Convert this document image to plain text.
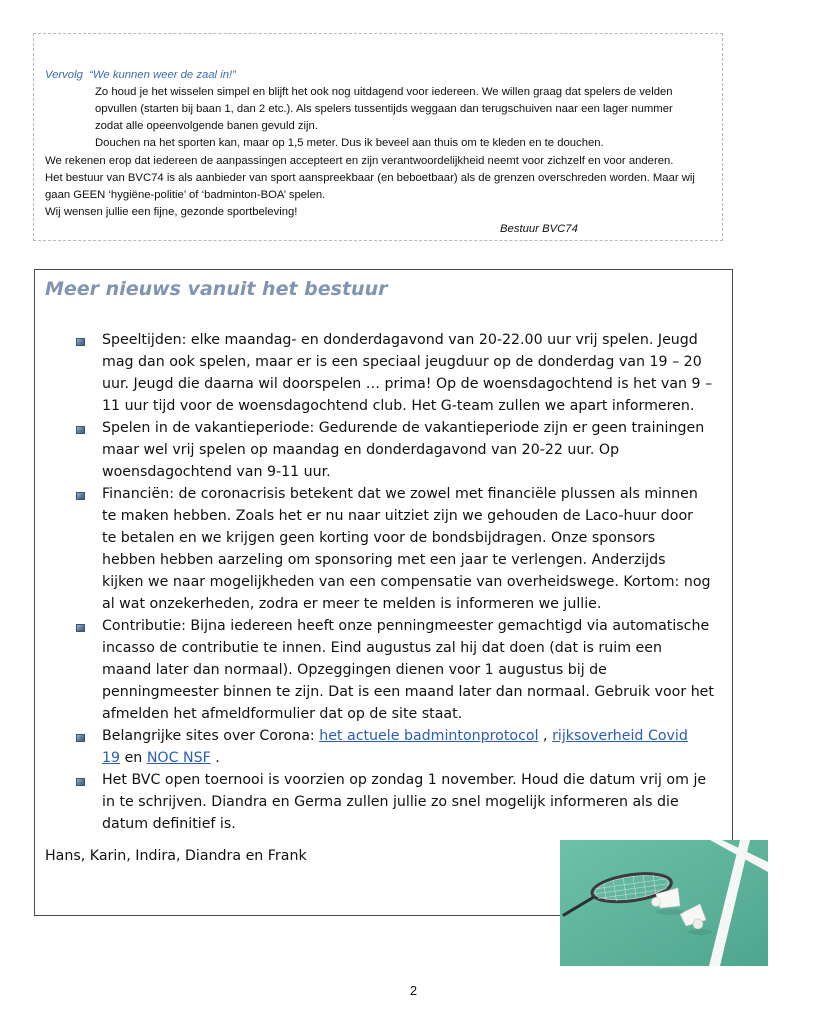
Vervolg “We kunnen weer de zaal in!”
Zo houd je het wisselen simpel en blijft het ook nog uitdagend voor iedereen. We willen graag dat spelers de velden
opvullen (starten bij baan 1, dan 2 etc.). Als spelers tussentijds weggaan dan terugschuiven naar een lager nummer
zodat alle opeenvolgende banen gevuld zijn.
Douchen na het sporten kan, maar op 1,5 meter. Dus ik beveel aan thuis om te kleden en te douchen.
We rekenen erop dat iedereen de aanpassingen accepteert en zijn verantwoordelijkheid neemt voor zichzelf en voor anderen.
Het bestuur van BVC74 is als aanbieder van sport aanspreekbaar (en beboetbaar) als de grenzen overschreden worden. Maar wij
gaan GEEN ‘hygiëne-politie’ of ‘badminton-BOA’ spelen.
Wij wensen jullie een fijne, gezonde sportbeleving!
Bestuur BVC74
Meer nieuws vanuit het bestuur
Speeltijden: elke maandag- en donderdagavond van 20-22.00 uur vrij spelen. Jeugd
mag dan ook spelen, maar er is een speciaal jeugduur op de donderdag van 19 – 20
uur. Jeugd die daarna wil doorspelen … prima! Op de woensdagochtend is het van 9 –
11 uur tijd voor de woensdagochtend club. Het G-team zullen we apart informeren.
Spelen in de vakantieperiode: Gedurende de vakantieperiode zijn er geen trainingen
maar wel vrij spelen op maandag en donderdagavond van 20-22 uur. Op
woensdagochtend van 9-11 uur.
Financiën: de coronacrisis betekent dat we zowel met financiële plussen als minnen
te maken hebben. Zoals het er nu naar uitziet zijn we gehouden de Laco-huur door
te betalen en we krijgen geen korting voor de bondsbijdragen. Onze sponsors
hebben hebben aarzeling om sponsoring met een jaar te verlengen. Anderzijds
kijken we naar mogelijkheden van een compensatie van overheidswege. Kortom: nog
al wat onzekerheden, zodra er meer te melden is informeren we jullie.
Contributie: Bijna iedereen heeft onze penningmeester gemachtigd via automatische
incasso de contributie te innen. Eind augustus zal hij dat doen (dat is ruim een
maand later dan normaal). Opzeggingen dienen voor 1 augustus bij de
penningmeester binnen te zijn. Dat is een maand later dan normaal. Gebruik voor het
afmelden het afmeldformulier dat op de site staat.
Belangrijke sites over Corona: het actuele badmintonprotocol , rijksoverheid Covid
19 en NOC NSF .
Het BVC open toernooi is voorzien op zondag 1 november. Houd die datum vrij om je
in te schrijven. Diandra en Germa zullen jullie zo snel mogelijk informeren als die
datum definitief is.
Hans, Karin, Indira, Diandra en Frank
2
